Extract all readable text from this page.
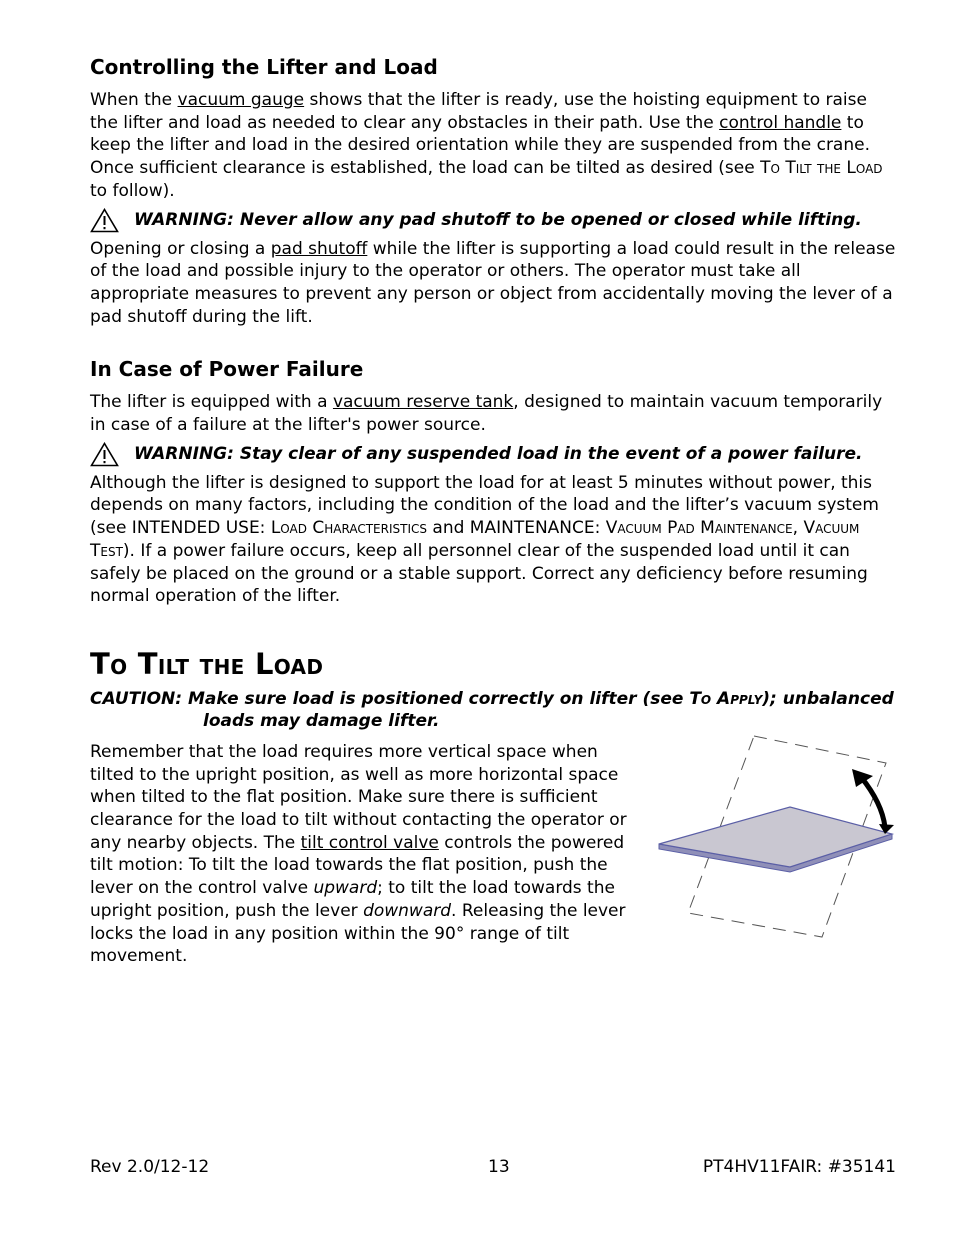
Controlling the Lifter and Load

When the vacuum gauge shows that the lifter is ready, use the hoisting equipment to raise the lifter and load as needed to clear any obstacles in their path. Use the control handle to keep the lifter and load in the desired orientation while they are suspended from the crane. Once sufficient clearance is established, the load can be tilted as desired (see To Tilt the Load to follow).

WARNING: Never allow any pad shutoff to be opened or closed while lifting.

Opening or closing a pad shutoff while the lifter is supporting a load could result in the release of the load and possible injury to the operator or others. The operator must take all appropriate measures to prevent any person or object from accidentally moving the lever of a pad shutoff during the lift.

In Case of Power Failure

The lifter is equipped with a vacuum reserve tank, designed to maintain vacuum temporarily in case of a failure at the lifter's power source.

WARNING: Stay clear of any suspended load in the event of a power failure.

Although the lifter is designed to support the load for at least 5 minutes without power, this depends on many factors, including the condition of the load and the lifter’s vacuum system (see INTENDED USE: Load Characteristics and MAINTENANCE: Vacuum Pad Maintenance, Vacuum Test). If a power failure occurs, keep all personnel clear of the suspended load until it can safely be placed on the ground or a stable support. Correct any deficiency before resuming normal operation of the lifter.

To Tilt the Load
CAUTION: Make sure load is positioned correctly on lifter (see To Apply); unbalanced
loads may damage lifter.

Remember that the load requires more vertical space when tilted to the upright position, as well as more horizontal space when tilted to the flat position. Make sure there is sufficient clearance for the load to tilt without contacting the operator or any nearby objects. The tilt control valve controls the powered tilt motion: To tilt the load towards the flat position, push the lever on the control valve upward; to tilt the load towards the upright position, push the lever downward. Releasing the lever locks the load in any position within the 90° range of tilt movement.

Rev 2.0/12-12	13	PT4HV11FAIR: #35141
